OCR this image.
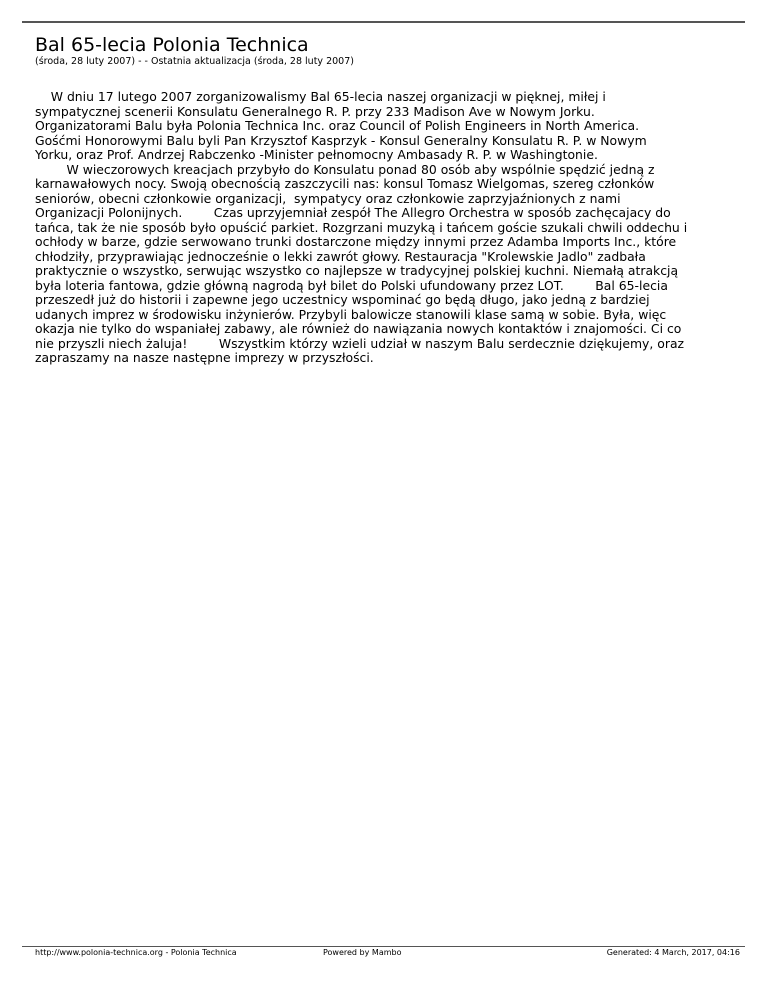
Bal 65-lecia Polonia Technica
(środa, 28 luty 2007) - - Ostatnia aktualizacja (środa, 28 luty 2007)
W dniu 17 lutego 2007 zorganizowalismy Bal 65-lecia naszej organizacji w pięknej, miłej i
sympatycznej scenerii Konsulatu Generalnego R. P. przy 233 Madison Ave w Nowym Jorku.
Organizatorami Balu była Polonia Technica Inc. oraz Council of Polish Engineers in North America.
Gośćmi Honorowymi Balu byli Pan Krzysztof Kasprzyk - Konsul Generalny Konsulatu R. P. w Nowym
Yorku, oraz Prof. Andrzej Rabczenko -Minister pełnomocny Ambasady R. P. w Washingtonie.
W wieczorowych kreacjach przybyło do Konsulatu ponad 80 osób aby wspólnie spędzić jedną z
karnawałowych nocy. Swoją obecnością zaszczycili nas: konsul Tomasz Wielgomas, szereg członków
seniorów, obecni członkowie organizacji,  sympatycy oraz członkowie zaprzyjaźnionych z nami
Organizacji Polonijnych.        Czas uprzyjemniał zespół The Allegro Orchestra w sposób zachęcajacy do
tańca, tak że nie sposób było opuścić parkiet. Rozgrzani muzyką i tańcem goście szukali chwili oddechu i
ochłody w barze, gdzie serwowano trunki dostarczone między innymi przez Adamba Imports Inc., które
chłodziły, przyprawiając jednocześnie o lekki zawrót głowy. Restauracja "Krolewskie Jadlo" zadbała
praktycznie o wszystko, serwując wszystko co najlepsze w tradycyjnej polskiej kuchni. Niemałą atrakcją
była loteria fantowa, gdzie główną nagrodą był bilet do Polski ufundowany przez LOT.        Bal 65-lecia
przeszedł już do historii i zapewne jego uczestnicy wspominać go będą długo, jako jedną z bardziej
udanych imprez w środowisku inżynierów. Przybyli balowicze stanowili klase samą w sobie. Była, więc
okazja nie tylko do wspaniałej zabawy, ale również do nawiązania nowych kontaktów i znajomości. Ci co
nie przyszli niech żaluja!        Wszystkim którzy wzieli udział w naszym Balu serdecznie dziękujemy, oraz
zapraszamy na nasze następne imprezy w przyszłości.
http://www.polonia-technica.org - Polonia Technica	Powered by Mambo	Generated: 4 March, 2017, 04:16
